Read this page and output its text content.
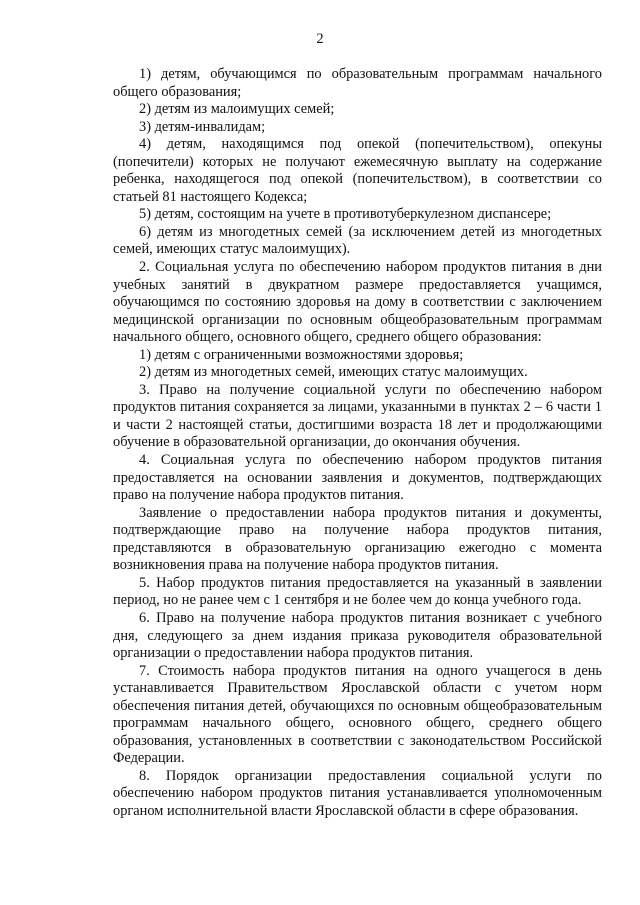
2

1) детям, обучающимся по образовательным программам начального общего образования;

2) детям из малоимущих семей;

3) детям-инвалидам;

4) детям, находящимся под опекой (попечительством), опекуны (попечители) которых не получают ежемесячную выплату на содержание ребенка, находящегося под опекой (попечительством), в соответствии со статьей 81 настоящего Кодекса;

5) детям, состоящим на учете в противотуберкулезном диспансере;

6) детям из многодетных семей (за исключением детей из многодетных семей, имеющих статус малоимущих).

2. Социальная услуга по обеспечению набором продуктов питания в дни учебных занятий в двукратном размере предоставляется учащимся, обучающимся по состоянию здоровья на дому в соответствии с заключением медицинской организации по основным общеобразовательным программам начального общего, основного общего, среднего общего образования:

1) детям с ограниченными возможностями здоровья;

2) детям из многодетных семей, имеющих статус малоимущих.

3. Право на получение социальной услуги по обеспечению набором продуктов питания сохраняется за лицами, указанными в пунктах 2 – 6 части 1 и части 2 настоящей статьи, достигшими возраста 18 лет и продолжающими обучение в образовательной организации, до окончания обучения.

4. Социальная услуга по обеспечению набором продуктов питания предоставляется на основании заявления и документов, подтверждающих право на получение набора продуктов питания.

Заявление о предоставлении набора продуктов питания и документы, подтверждающие право на получение набора продуктов питания, представляются в образовательную организацию ежегодно с момента возникновения права на получение набора продуктов питания.

5. Набор продуктов питания предоставляется на указанный в заявлении период, но не ранее чем с 1 сентября и не более чем до конца учебного года.

6. Право на получение набора продуктов питания возникает с учебного дня, следующего за днем издания приказа руководителя образовательной организации о предоставлении набора продуктов питания.

7. Стоимость набора продуктов питания на одного учащегося в день устанавливается Правительством Ярославской области с учетом норм обеспечения питания детей, обучающихся по основным общеобразовательным программам начального общего, основного общего, среднего общего образования, установленных в соответствии с законодательством Российской Федерации.

8. Порядок организации предоставления социальной услуги по обеспечению набором продуктов питания устанавливается уполномоченным органом исполнительной власти Ярославской области в сфере образования.
